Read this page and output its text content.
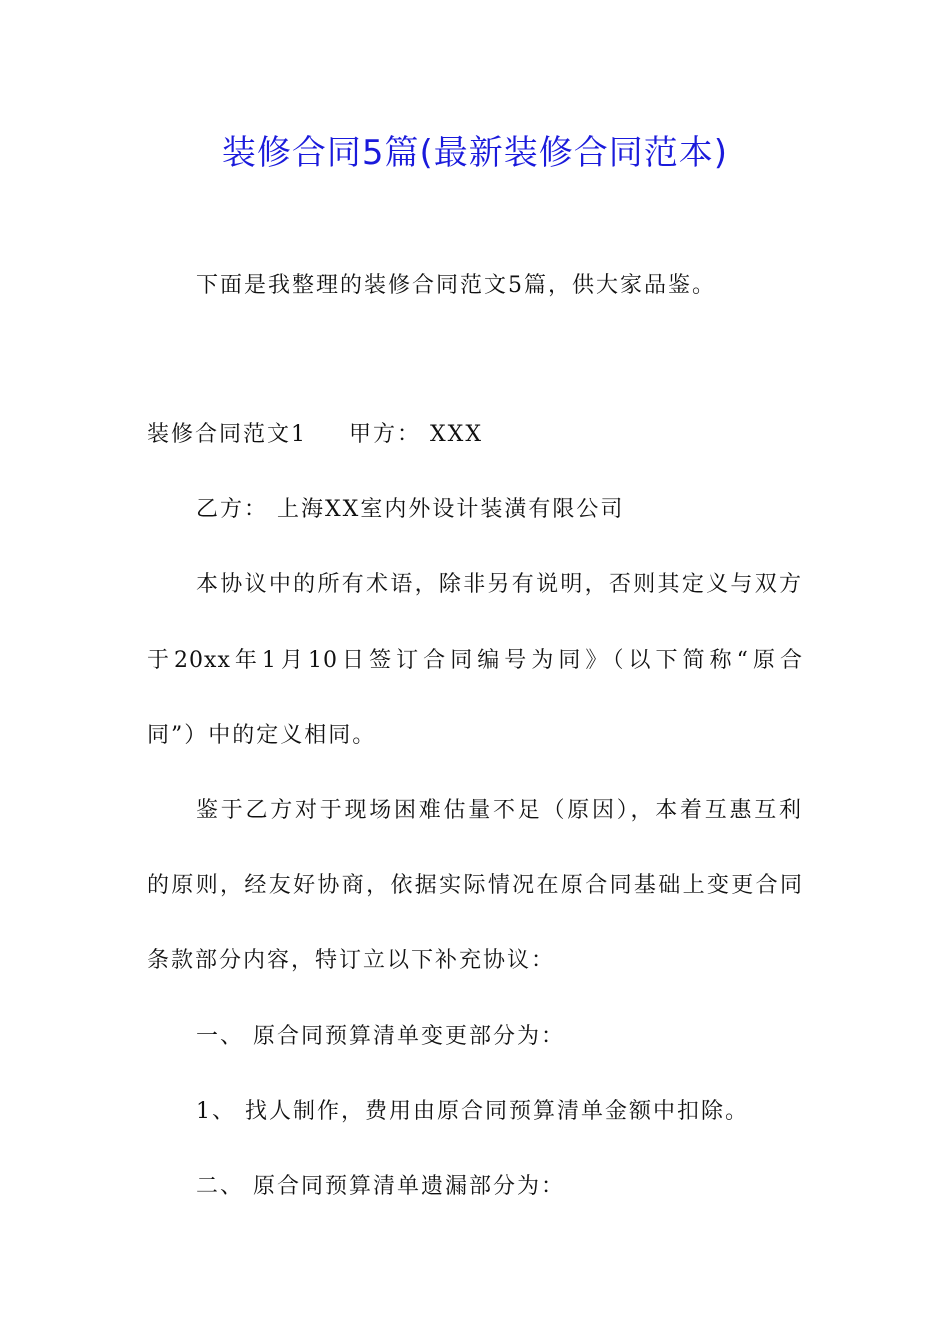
装修合同5篇(最新装修合同范本)
下面是我整理的装修合同范文5篇，供大家品鉴。
装修合同范文1 甲方： XXX
乙方： 上海XX室内外设计装潢有限公司
本协议中的所有术语，除非另有说明，否则其定义与双方
于20xx年1月10日签订合同编号为同》（以下简称“原合
同”）中的定义相同。
鉴于乙方对于现场困难估量不足（原因），本着互惠互利
的原则，经友好协商，依据实际情况在原合同基础上变更合同
条款部分内容，特订立以下补充协议：
一、 原合同预算清单变更部分为：
1、 找人制作，费用由原合同预算清单金额中扣除。
二、 原合同预算清单遗漏部分为：
